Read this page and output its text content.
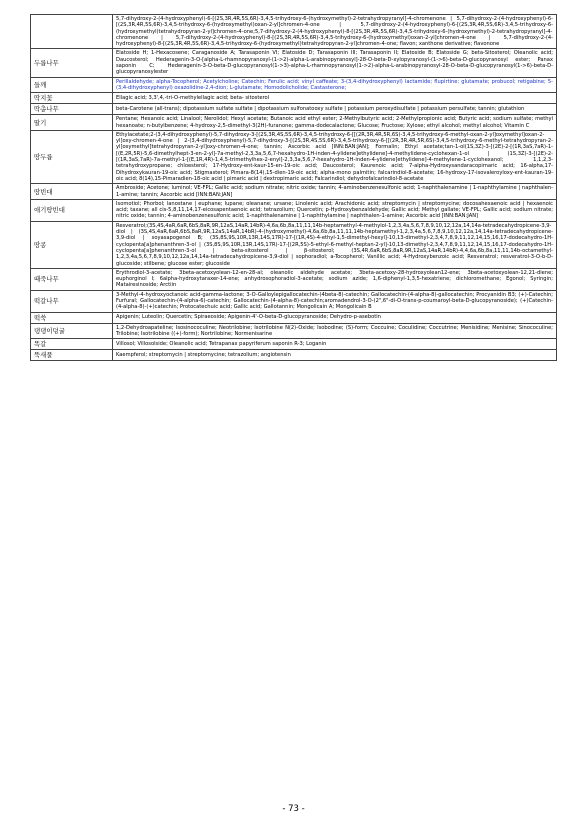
	5,7-dihydroxy-2-(4-hydroxyphenyl)-6-[(2S,3R,4R,5S,6R)-3,4,5-trihydroxy-6-(hydroxymethyl)-2-tetrahydropyranyl]-4-chromenone | 5,7-dihydroxy-2-(4-hydroxyphenyl)-6-[(2S,3R,4R,5S,6R)-3,4,5-trihydroxy-6-(hydroxymethyl)oxan-2-yl]chromen-4-one | 5,7-dihydroxy-2-(4-hydroxyphenyl)-6-[(2S,3R,4R,5S,6R)-3,4,5-trihydroxy-6-(hydroxymethyl)tetrahydropyran-2-yl]chromen-4-one;5,7-dihydroxy-2-(4-hydroxyphenyl)-8-[(2S,3R,4R,5S,6R)-3,4,5-trihydroxy-6-(hydroxymethyl)-2-tetrahydropyranyl]-4-chromenone | 5,7-dihydroxy-2-(4-hydroxyphenyl)-8-[(2S,3R,4R,5S,6R)-3,4,5-trihydroxy-6-(hydroxymethyl)oxan-2-yl]chromen-4-one | 5,7-dihydroxy-2-(4-hydroxyphenyl)-8-[(2S,3R,4R,5S,6R)-3,4,5-trihydroxy-6-(hydroxymethyl)tetrahydropyran-2-yl]chromen-4-one; flavon; xanthone derivative; flavonone
두릅나무	Elatoside H; 1-Hexacosene; Caraganoside A; Tarasaponin VI; Elatoside D; Tarasaponin III; Tarasaponin II; Elatoside B; Elatoside G; beta-Sitosterol; Oleanolic acid; Daucosterol; Hederagenin-3-O-[alpha-L-rhamnopyranosyl-(1->2)-alpha-L-arabinopyranosyl]-28-O-beta-D-xylopyranosyl-(1->6)-beta-D-glucopyranosyl ester; Panax saponin C; Hederagenin-3-O-beta-D-glucopyranosyl(1->3)-alpha-L-rhamnopyranosyl(1->2)-alpha-L-arabinopyranosyl-28-O-beta-D-glucopyranosyl(1->6)-beta-D-glucopyranosylester
들깨	Perillaldehyde; alpha-Tocopherol; Acetylcholine; Catechin; Ferulic acid; vinyl caffeate; 3-(3,4-dihydroxyphenyl) lactamide; flupirtine; glutamate; probucol; retigabine; 5-(3,4-dihydroxyphenyl) oxazolidine-2,4-dion; L-glutamate; Homodolicholide; Castasterone;
딱지꽃	Ellagic acid; 3,3',4,-tri-O-methylellagic acid; beta- sitosterol
딱총나무	beta-Carotene (all-trans); dipotassium sulfate sulfate | dipotassium sulfonatooxy sulfate | potassium peroxydisulfate | potassium persulfate; tannin; glutathion
딸기	Pentane; Hexanoic acid; Linalool; Nerolidol; Hexyl acetate; Butanoic acid ethyl ester; 2-Methylbutyric acid; 2-Methylpropionic acid; Butyric acid; sodium sulfate; methyl hexanoate; n-butylbenzene; 4-hydroxy-2,5-dimethyl-3(2H)-furanone; gamma-dodecalactone; Glucose; Fructose; Xylose; ethyl alcohol; methyl alcohol; Vitamin C
땅두릅	Ethylacetate;2-(3,4-dihydroxyphenyl)-5,7-dihydroxy-3-[(2S,3R,4S,5S,6R)-3,4,5-trihydroxy-6-[[(2R,3R,4R,5R,6S)-3,4,5-trihydroxy-6-methyl-oxan-2-yl]oxymethyl]oxan-2-yl]oxy-chromen-4-one | 2-(3,4-dihydroxyphenyl)-5,7-dihydroxy-3-[(2S,3R,4S,5S,6R)-3,4,5-trihydroxy-6-[[(2R,3R,4R,5R,6S)-3,4,5-trihydroxy-6-methyl-tetrahydropyran-2-yl]oxymethyl]tetrahydropyran-2-yl]oxy-chromen-4-one; tannin; Ascorbic acid [INN:BAN:JAN]; Formalin; Ethyl acetate;tan-1-ol(1S,3Z)-3-[(2E)-2-[(1R,3aS,7aR)-1-[(E,2R,5R)-5,6-dimethylhept-3-en-2-yl]-7a-methyl-2,3,3a,5,6,7-hexahydro-1H-inden-4-ylidene]ethylidene]-4-methylidene-cyclohexan-1-ol | (1S,3Z)-3-[(2E)-2-[(1R,3aS,7aR)-7a-methyl-1-[(E,1R,4R)-1,4,5-trimethylhex-2-enyl]-2,3,3a,5,6,7-hexahydro-1H-inden-4-ylidene]ethylidene]-4-methylene-1-cyclohexanol; 1,1,2,3-tetrahydroxypropane; chloesterol; 17-Hydroxy-ent-kaur-15-en-19-oic acid; Daucosterol; Kaurenoic acid; 7-alpha-Hydroxysandaracopimaric acid; 16-alpha,17-Dihydroxykauran-19-oic acid; Stigmasterol; Pimara-8(14),15-dien-19-oic acid; alpha-mono palmitin; falcarindiol-8-acetate; 16-hydroxy-17-isovaleroyloxy-ent-kauran-19-oic acid; 8(14),15-Pimaradien-18-oic acid | pimaric acid | dextropimaric acid; Falcarindiol; dehydrofalcarindiol-8-acetate
땅빈대	Ambroside; Acetone; luminol; VE-FPL; Gallic acid; sodium nitrate; nitric oxide; tannin; 4-aminobenzenesulfonic acid; 1-naphthalenamine | 1-naphthylamine | naphthalen-1-amine; tannin; Ascorbic acid [INN:BAN:JAN]
애기땅빈대	Isomotiol; Phorbol; lanostane | euphane; lupane; oleanane; ursane; Linolenic acid; Arachidonic acid; streptomycin | streptomycine; docosahexaenoic acid | hexaenoic acid; taxane; all cis-5,8,11,14,17-eicosapentaenoic acid; tetrazolium; Quercetin; p-Hydroxybenzaldehyde; Gallic acid; Methyl gallate; VE-FPL; Gallic acid; sodium nitrate; nitric oxide; tannin; 4-aminobenzenesulfonic acid; 1-naphthalenamine | 1-naphthylamine | naphthalen-1-amine; Ascorbic acid [INN:BAN:JAN]
땅콩	Resveratrol;(3S,4S,4aR,6aR,6bS,8aR,9R,12aS,14aR,14bR)-4,6a,6b,8a,11,11,14b-heptamethyl-4-methylol-1,2,3,4a,5,6,7,8,9,10,12,12a,14,14a-tetradecahydropicene-3,9-diol | (3S,4S,4aR,6aR,6bS,8aR,9R,12aS,14aR,14bR)-4-(hydroxymethyl)-4,6a,6b,8a,11,11,14b-heptamethyl-1,2,3,4a,5,6,7,8,9,10,12,12a,14,14a-tetradecahydropicene-3,9-diol | soyasapogenol B; (3S,8S,9S,10R,13R,14S,17R)-17-[(1R,4S)-4-ethyl-1,5-dimethyl-hexyl]-10,13-dimethyl-2,3,4,7,8,9,11,12,14,15,16,17-dodecahydro-1H-cyclopenta[a]phenanthren-3-ol | (3S,8S,9S,10R,13R,14S,17R)-17-[(2R,5S)-5-ethyl-6-methyl-heptan-2-yl]-10,13-dimethyl-2,3,4,7,8,9,11,12,14,15,16,17-dodecahydro-1H-cyclopenta[a]phenanthren-3-ol | beta-sitosterol | β-sitosterol; (3S,4R,6aR,6bS,8aR,9R,12aS,14aR,14bR)-4,4,6a,6b,8a,11,11,14b-octamethyl-1,2,3,4a,5,6,7,8,9,10,12,12a,14,14a-tetradecahydropicene-3,9-diol | sophoradiol; a-Tocopherol; Vanillic acid; 4-Hydroxybenzoic acid; Resveratrol; resveratrol-3-O-b-D-glucoside; stilbene; glucose ester; glucoside
때죽나무	Erythrodiol-3-acetate; 3beta-acetoxyolean-12-en-28-al; oleanolic aldehyde acetate; 3beta-acetoxy-28-hydroxyolean12-ene; 3beta-acetoxyolean-12,21-diene; euphorginol I; 6alpha-hydroxytaraxer-14-ene; anhydrosophoradiol-3-acetate; sodium azide; 1,6-diphenyl-1,3,5-hexatriene; dichloromethane; Egonol; Syringin; Matairesinoside; Arctiin
떡갈나무	3-Methyl-4-hydroxyoctanoic acid-gamma-lactone; 3-O-Galloylepigallocatechin-(4beta-8)-catechin; Gallocatechin-(4-alpha-8)-gallocatechin; Procyanidin B3; (+)-Catechin; Furfural; Gallocatechin-(4-alpha-6)-catechin; Gallocatechin-(4-alpha-8)-catechin;aromadendrol-3-O-(2",6"-di-O-trans-p-coumaroyl-beta-D-glucopyranoside); (+)Catechin-(4-alpha-8)-(+)catechin; Protocatechuic acid; Gallic acid; Gallotannin; Mongolicain A; Mongolicain B
떡쑥	Apigenin; Luteolin; Quercetin; Spiraeoside; Apigenin-4'-O-beta-D-glucopyranoside; Dehydro-p-asebotin
댕댕이덩굴	1,2-Dehydroapateline; Isosinococuline; Neotrilobine; Isotrilobine N(2)-Oxide; Isobodine; (S)-form; Coccuine; Coculidine; Coccutrine; Menisidine; Menisine; Sinococuline; Trilobine; Isotrilobine ((+)-form); Nortrilobine; Normenisarine
똑갈	Villosol; Villosolside; Oleanolic acid; Tetrapanax papyriferum saponin R-3; Loganin
뚝새풀	Kaempferol; streptomycin | streptomycine; tetrazolium; angiotensin
- 73 -
